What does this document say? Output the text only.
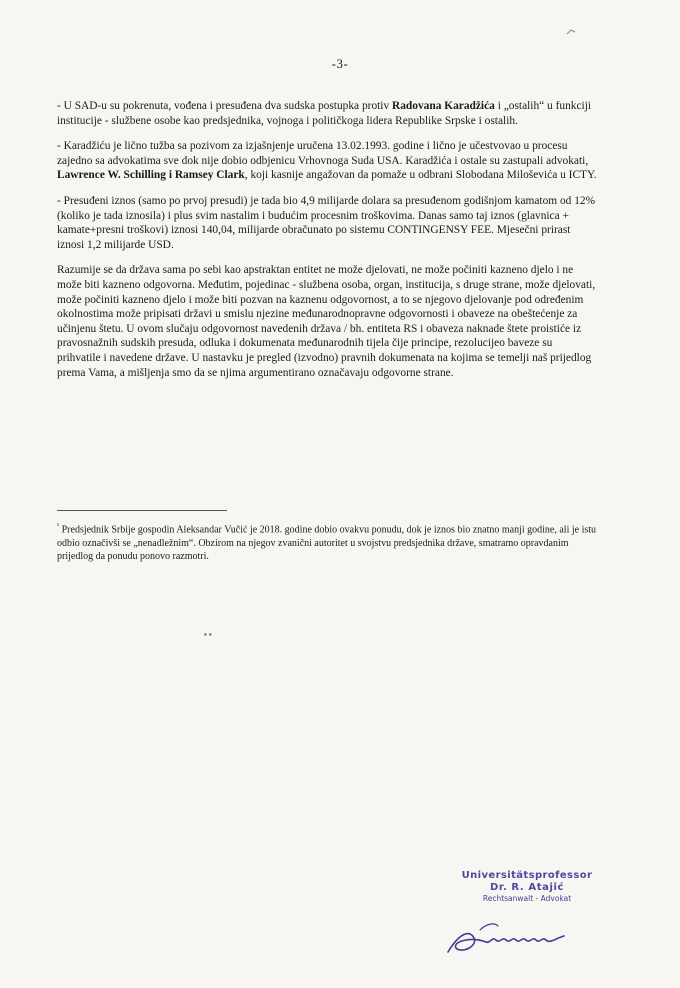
-3-

- U SAD-u su pokrenuta, vođena i presuđena dva sudska postupka protiv Radovana Karadžića i „ostalih“ u funkciji institucije - službene osobe kao predsjednika, vojnoga i političkoga lidera Republike Srpske i ostalih.

- Karadžiću je lično tužba sa pozivom za izjašnjenje uručena 13.02.1993. godine i lično je učestvovao u procesu zajedno sa advokatima sve dok nije dobio odbjenicu Vrhovnoga Suda USA. Karadžića i ostale su zastupali advokati, Lawrence W. Schilling i Ramsey Clark, koji kasnije angažovan da pomaže u odbrani Slobodana Miloševića u ICTY.

- Presuđeni iznos (samo po prvoj presudi) je tada bio 4,9 milijarde dolara sa presuđenom godišnjom kamatom od 12% (koliko je tada iznosila) i plus svim nastalim i budućim procesnim troškovima. Danas samo taj iznos (glavnica + kamate+presni troškovi) iznosi 140,04, milijarde obračunato po sistemu CONTINGENSY FEE. Mjesečni prirast iznosi 1,2 milijarde USD.

Razumije se da država sama po sebi kao apstraktan entitet ne može djelovati, ne može počiniti kazneno djelo i ne može biti kazneno odgovorna. Međutim, pojedinac - službena osoba, organ, institucija, s druge strane, može djelovati, može počiniti kazneno djelo i može biti pozvan na kaznenu odgovornost, a to se njegovo djelovanje pod određenim okolnostima može pripisati državi u smislu njezine međunarodnopravne odgovornosti i obaveze na obeštećenje za učinjenu štetu. U ovom slučaju odgovornost navedenih država / bh. entiteta RS i obaveza naknade štete proistiće iz pravosnažnih sudskih presuda, odluka i dokumenata međunarodnih tijela čije principe, rezolucijeo baveze su prihvatile i navedene države. U nastavku je pregled (izvodno) pravnih dokumenata na kojima se temelji naš prijedlog prema Vama, a mišljenja smo da se njima argumentirano označavaju odgovorne strane.

$^{^1}$ Predsjednik Srbije gospodin Aleksandar Vučić je 2018. godine dobio ovakvu ponudu, dok je iznos bio znatno manji godine, ali je istu odbio označivši se „nenadležnim“. Obzirom na njegov zvanični autoritet u svojstvu predsjednika države, smatramo opravdanim prijedlog da ponudu ponovo razmotri.

▪ ▪
Universitätsprofessor
Dr. R. Atajić
Rechtsanwalt - Advokat
